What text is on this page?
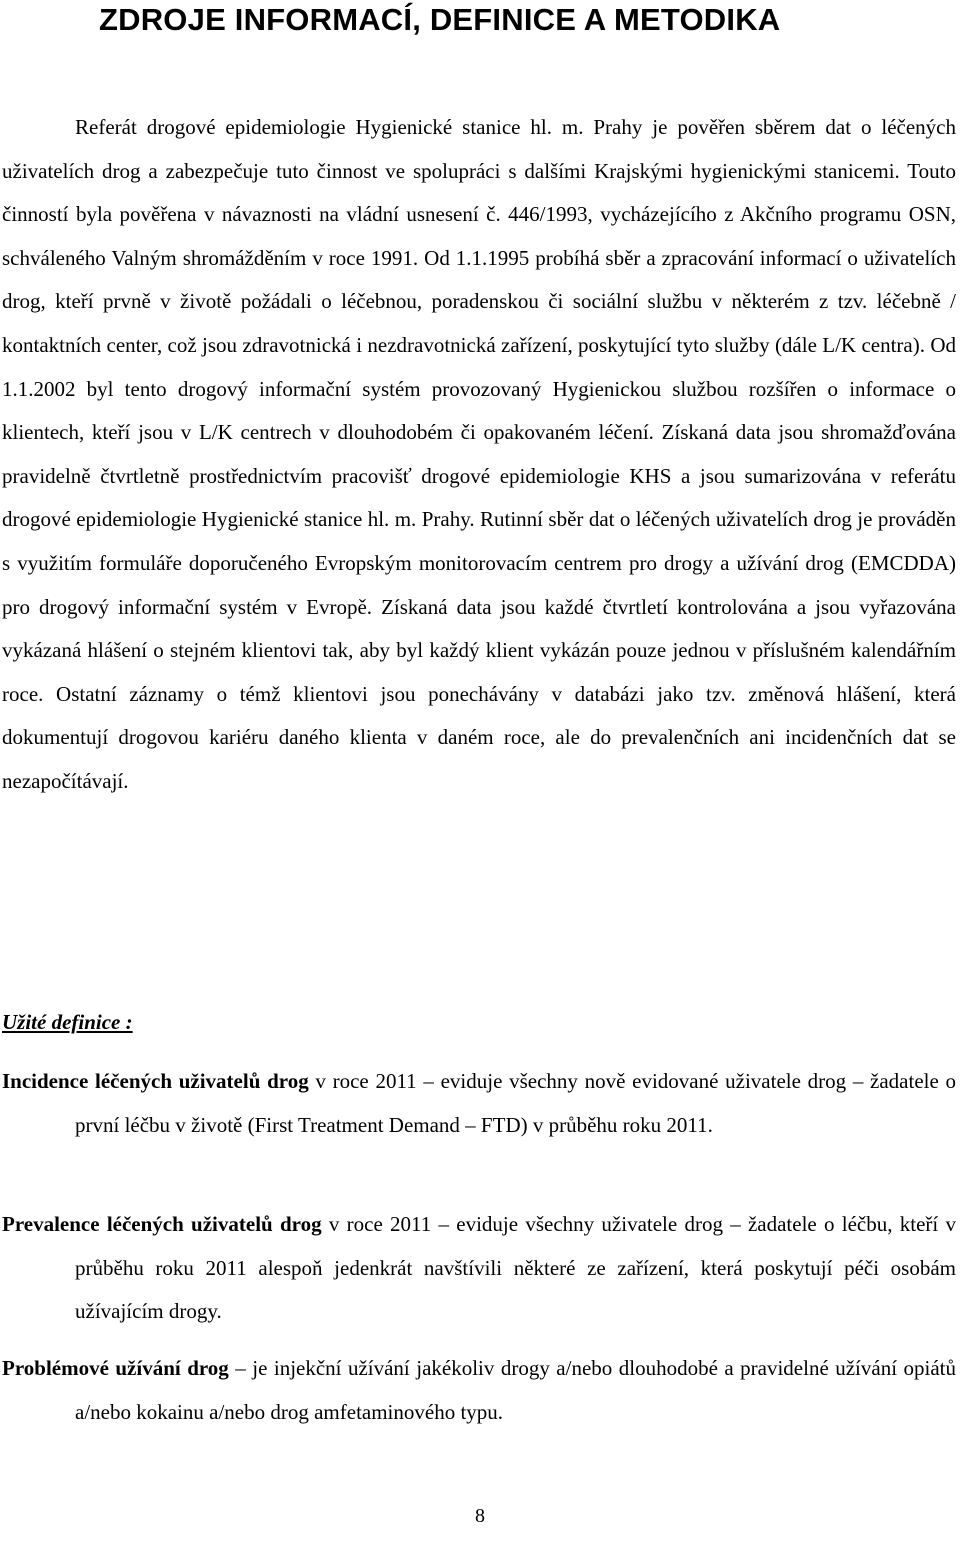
ZDROJE INFORMACÍ, DEFINICE A METODIKA

Referát drogové epidemiologie Hygienické stanice hl. m. Prahy je pověřen sběrem dat o léčených uživatelích drog a zabezpečuje tuto činnost ve spolupráci s dalšími Krajskými hygienickými stanicemi. Touto činností byla pověřena v návaznosti na vládní usnesení č. 446/1993, vycházejícího z Akčního programu OSN, schváleného Valným shromážděním v roce 1991. Od 1.1.1995 probíhá sběr a zpracování informací o uživatelích drog, kteří prvně v životě požádali o léčebnou, poradenskou či sociální službu v některém z tzv. léčebně / kontaktních center, což jsou zdravotnická i nezdravotnická zařízení, poskytující tyto služby (dále L/K centra). Od 1.1.2002 byl tento drogový informační systém provozovaný Hygienickou službou rozšířen o informace o klientech, kteří jsou v L/K centrech v dlouhodobém či opakovaném léčení. Získaná data jsou shromažďována pravidelně čtvrtletně prostřednictvím pracovišť drogové epidemiologie KHS a jsou sumarizována v referátu drogové epidemiologie Hygienické stanice hl. m. Prahy. Rutinní sběr dat o léčených uživatelích drog je prováděn s využitím formuláře doporučeného Evropským monitorovacím centrem pro drogy a užívání drog (EMCDDA) pro drogový informační systém v Evropě. Získaná data jsou každé čtvrtletí kontrolována a jsou vyřazována vykázaná hlášení o stejném klientovi tak, aby byl každý klient vykázán pouze jednou v příslušném kalendářním roce. Ostatní záznamy o témž klientovi jsou ponechávány v databázi jako tzv. změnová hlášení, která dokumentují drogovou kariéru daného klienta v daném roce, ale do prevalenčních ani incidenčních dat se nezapočítávají.

Užité definice :

Incidence léčených uživatelů drog v roce 2011 – eviduje všechny nově evidované uživatele drog – žadatele o první léčbu v životě (First Treatment Demand – FTD) v průběhu roku 2011.

Prevalence léčených uživatelů drog v roce 2011 – eviduje všechny uživatele drog – žadatele o léčbu, kteří v průběhu roku 2011 alespoň jedenkrát navštívili některé ze zařízení, která poskytují péči osobám užívajícím drogy.

Problémové užívání drog – je injekční užívání jakékoliv drogy a/nebo dlouhodobé a pravidelné užívání opiátů a/nebo kokainu a/nebo drog amfetaminového typu.

8
